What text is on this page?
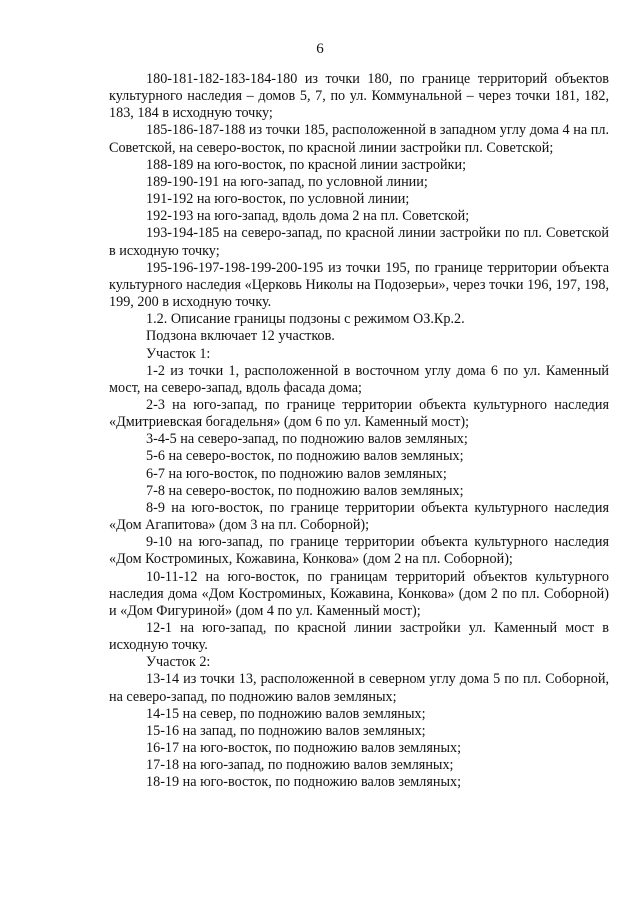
6

180-181-182-183-184-180 из точки 180, по границе территорий объектов культурного наследия – домов 5, 7, по ул. Коммунальной – через точки 181, 182, 183, 184 в исходную точку;

185-186-187-188 из точки 185, расположенной в западном углу дома 4 на пл. Советской, на северо-восток, по красной линии застройки пл. Советской;

188-189 на юго-восток, по красной линии застройки;

189-190-191 на юго-запад, по условной линии;

191-192 на юго-восток, по условной линии;

192-193 на юго-запад, вдоль дома 2 на пл. Советской;

193-194-185 на северо-запад, по красной линии застройки по пл. Советской в исходную точку;

195-196-197-198-199-200-195 из точки 195, по границе территории объекта культурного наследия «Церковь Николы на Подозерьи», через точки 196, 197, 198, 199, 200 в исходную точку.

1.2. Описание границы подзоны с режимом ОЗ.Кр.2.

Подзона включает 12 участков.

Участок 1:

1-2 из точки 1, расположенной в восточном углу дома 6 по ул. Каменный мост, на северо-запад, вдоль фасада дома;

2-3 на юго-запад, по границе территории объекта культурного наследия «Дмитриевская богадельня» (дом 6 по ул. Каменный мост);

3-4-5 на северо-запад, по подножию валов земляных;

5-6 на северо-восток, по подножию валов земляных;

6-7 на юго-восток, по подножию валов земляных;

7-8 на северо-восток, по подножию валов земляных;

8-9 на юго-восток, по границе территории объекта культурного наследия «Дом Агапитова» (дом 3 на пл. Соборной);

9-10 на юго-запад, по границе территории объекта культурного наследия «Дом Костроминых, Кожавина, Конкова» (дом 2 на пл. Соборной);

10-11-12 на юго-восток, по границам территорий объектов культурного наследия дома «Дом Костроминых, Кожавина, Конкова» (дом 2 по пл. Соборной) и «Дом Фигуриной» (дом 4 по ул. Каменный мост);

12-1 на юго-запад, по красной линии застройки ул. Каменный мост в исходную точку.

Участок 2:

13-14 из точки 13, расположенной в северном углу дома 5 по пл. Соборной, на северо-запад, по подножию валов земляных;

14-15 на север, по подножию валов земляных;

15-16 на запад, по подножию валов земляных;

16-17 на юго-восток, по подножию валов земляных;

17-18 на юго-запад, по подножию валов земляных;

18-19 на юго-восток, по подножию валов земляных;
